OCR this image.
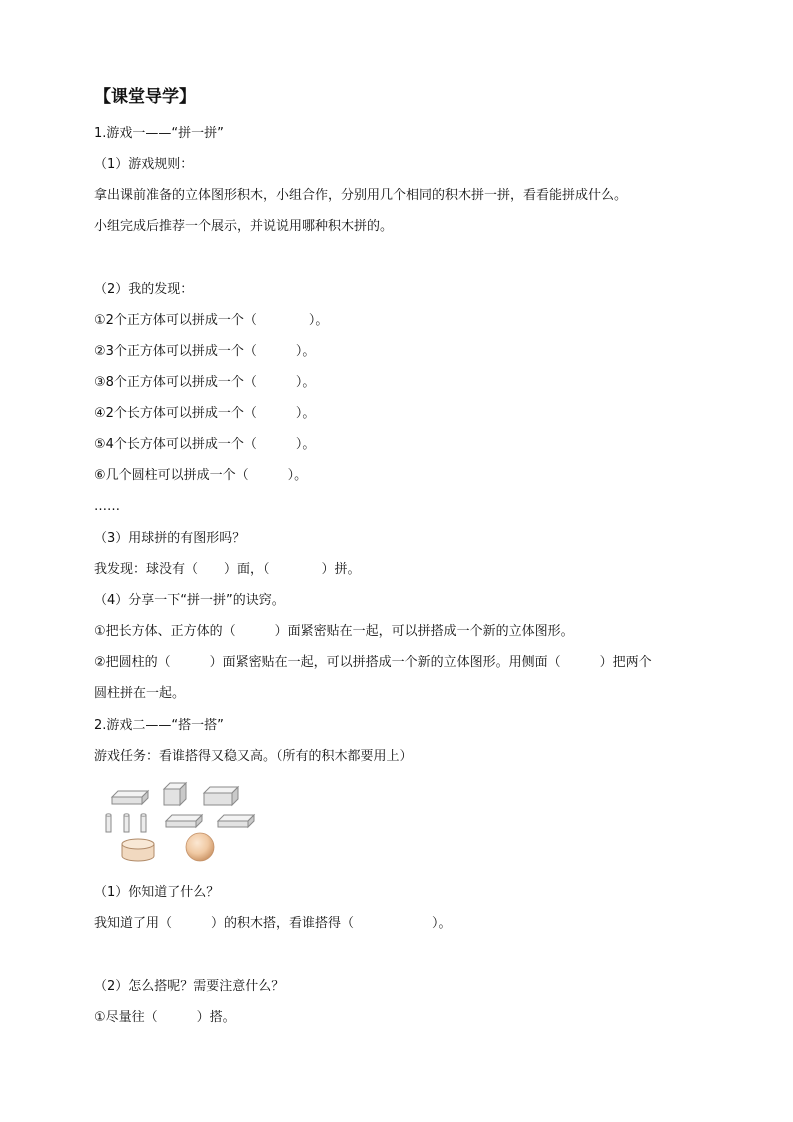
【课堂导学】
1.游戏一——“拼一拼”
（1）游戏规则：
拿出课前准备的立体图形积木，小组合作，分别用几个相同的积木拼一拼，看看能拼成什么。
小组完成后推荐一个展示，并说说用哪种积木拼的。
（2）我的发现：
①2个正方体可以拼成一个（　　　　）。
②3个正方体可以拼成一个（　　　）。
③8个正方体可以拼成一个（　　　）。
④2个长方体可以拼成一个（　　　）。
⑤4个长方体可以拼成一个（　　　）。
⑥几个圆柱可以拼成一个（　　　）。
……
（3）用球拼的有图形吗？
我发现：球没有（　　）面，（　　　　）拼。
（4）分享一下“拼一拼”的诀窍。
①把长方体、正方体的（　　　）面紧密贴在一起，可以拼搭成一个新的立体图形。
②把圆柱的（　　　）面紧密贴在一起，可以拼搭成一个新的立体图形。用侧面（　　　）把两个
圆柱拼在一起。
2.游戏二——“搭一搭”
游戏任务：看谁搭得又稳又高。（所有的积木都要用上）
（1）你知道了什么？
我知道了用（　　　）的积木搭，看谁搭得（　　　　　　）。
（2）怎么搭呢？需要注意什么？
①尽量往（　　　）搭。
